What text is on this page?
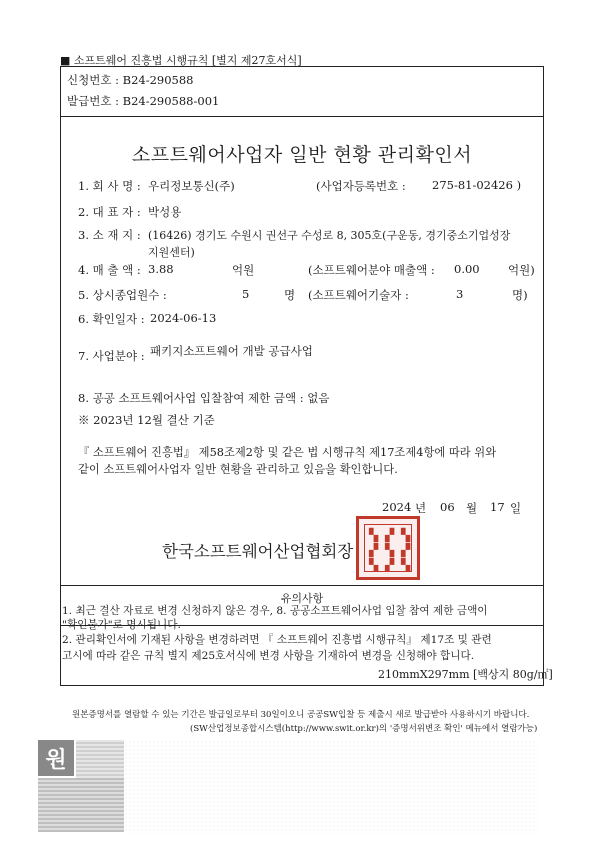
■ 소프트웨어 진흥법 시행규칙 [별지 제27호서식]
신청번호 : B24-290588
발급번호 : B24-290588-001
소프트웨어사업자 일반 현황 관리확인서
1. 회 사 명 : 우리정보통신(주)	(사업자등록번호 : 275-81-02426 )
2. 대 표 자 : 박성용
3. 소 재 지 : (16426) 경기도 수원시 권선구 수성로 8, 305호(구운동, 경기중소기업성장
지원센터)
4. 매 출 액 : 3.88	억원	(소프트웨어분야 매출액 : 0.00 억원)
5. 상시종업원수 :	5	명 (소프트웨어기술자 :	3	명)
6. 확인일자 : 2024-06-13
7. 사업분야 : 패키지소프트웨어 개발 공급사업
8. 공공 소프트웨어사업 입찰참여 제한 금액 : 없음
※ 2023년 12월 결산 기준
『 소프트웨어 진흥법』 제58조제2항 및 같은 법 시행규칙 제17조제4항에 따라 위와
같이 소프트웨어사업자 일반 현황을 관리하고 있음을 확인합니다.
2024 년 06 월 17 일
한국소프트웨어산업협회장
▚ ▞ ▚
▞ ▚ ▞
▚ ▞ ▚
유의사항
1. 최근 결산 자료로 변경 신청하지 않은 경우, 8. 공공소프트웨어사업 입찰 참여 제한 금액이
"확인불가"로 명시됩니다.
2. 관리확인서에 기재된 사항을 변경하려면 『 소프트웨어 진흥법 시행규칙』 제17조 및 관련
고시에 따라 같은 규칙 별지 제25호서식에 변경 사항을 기재하여 변경을 신청해야 합니다.
210mmX297mm [백상지 80g/㎡]
원본증명서를 열람할 수 있는 기간은 발급일로부터 30일이오니 공공SW입찰 등 제출시 새로 발급받아 사용하시기 바랍니다.
(SW산업정보종합시스템(http://www.swit.or.kr)의 '증명서위변조 확인' 메뉴에서 열람가능)
원
